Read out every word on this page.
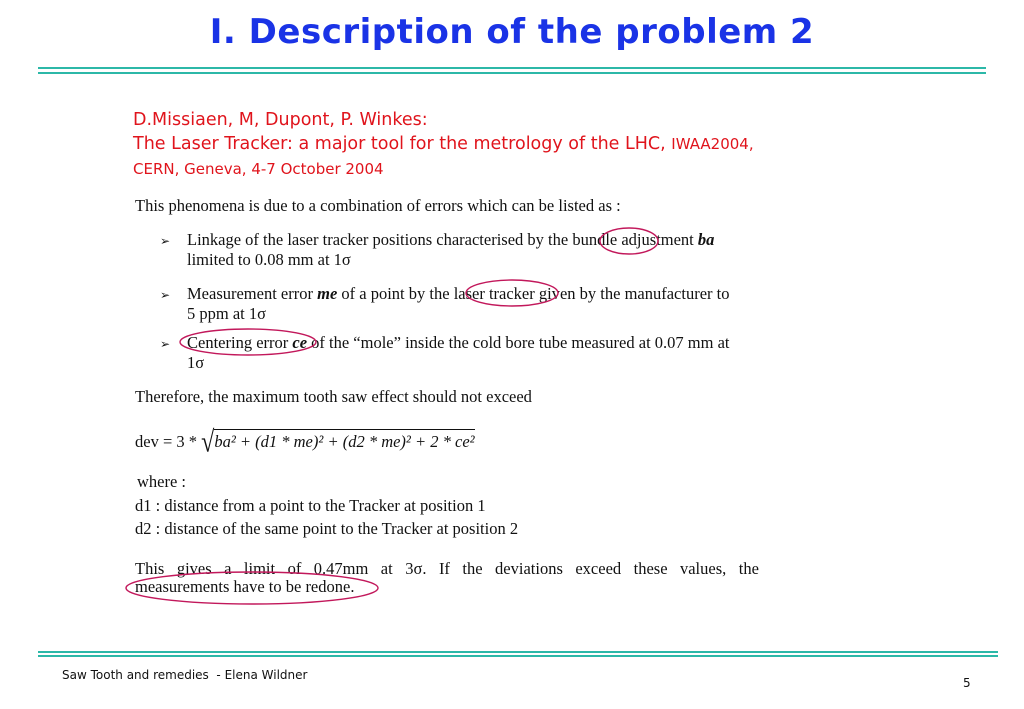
I. Description of the problem 2
D.Missiaen, M, Dupont, P. Winkes:
The Laser Tracker: a major tool for the metrology of the LHC, IWAA2004,
CERN, Geneva, 4-7 October 2004
This phenomena is due to a combination of errors which can be listed as :
➢ Linkage of the laser tracker positions characterised by the bundle adjustment ba
limited to 0.08 mm at 1σ
➢ Measurement error me of a point by the laser tracker given by the manufacturer to
5 ppm at 1σ
➢ Centering error ce of the “mole” inside the cold bore tube measured at 0.07 mm at
1σ
Therefore, the maximum tooth saw effect should not exceed
dev = 3 * √ba² + (d1 * me)² + (d2 * me)² + 2 * ce²
where :
d1 : distance from a point to the Tracker at position 1
d2 : distance of the same point to the Tracker at position 2
This gives a limit of 0.47mm at 3σ. If the deviations exceed these values, the
measurements have to be redone.
Saw Tooth and remedies  - Elena Wildner
5
